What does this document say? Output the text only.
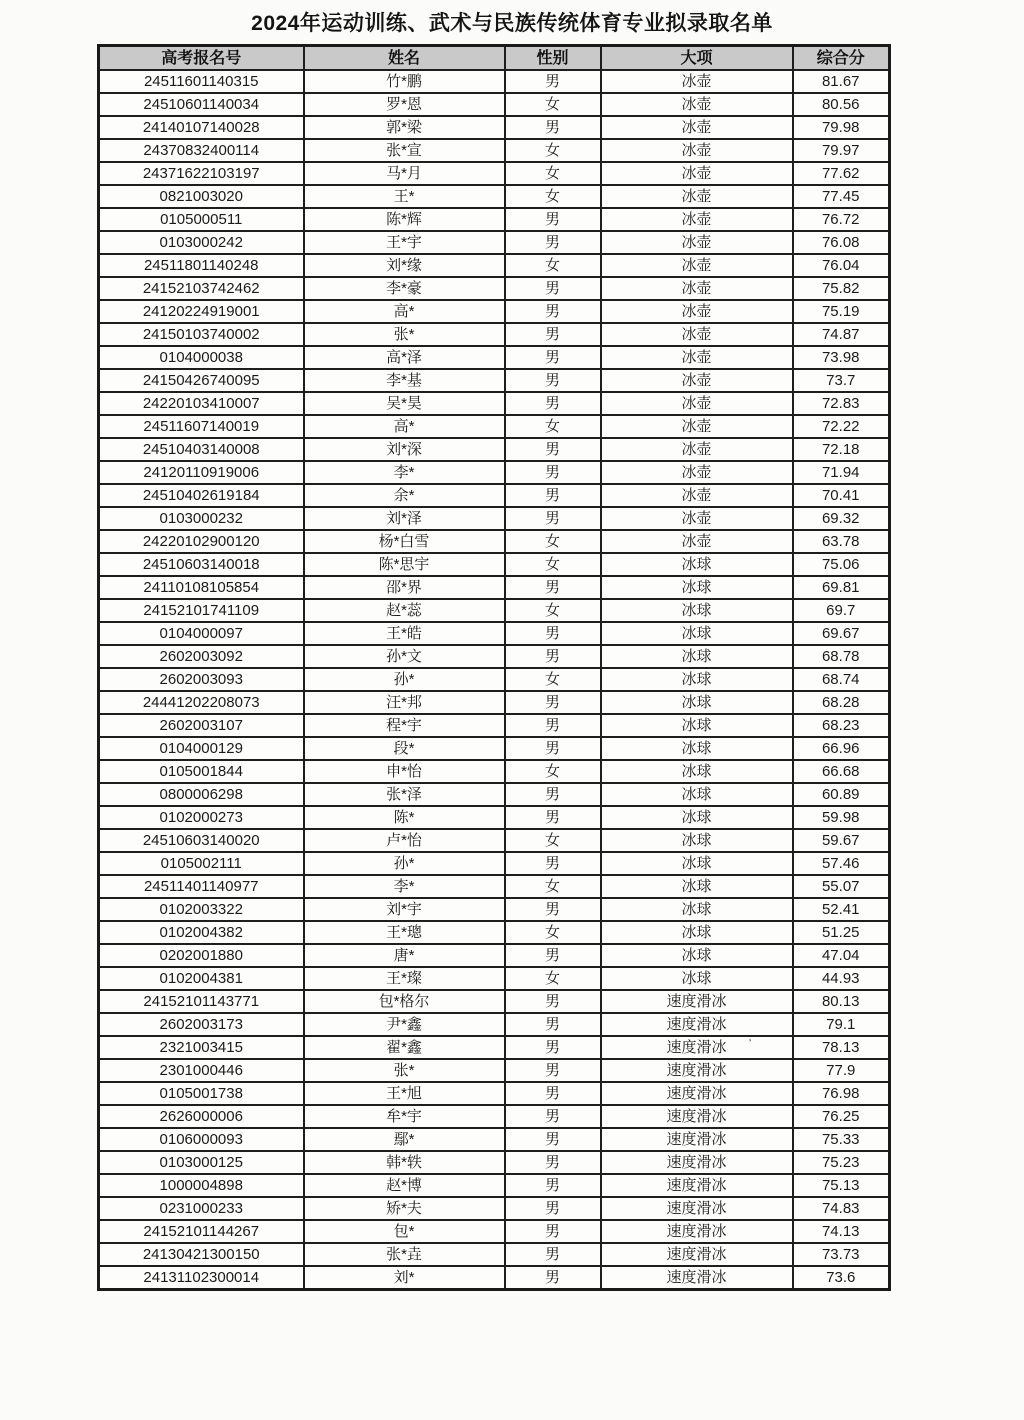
2024年运动训练、武术与民族传统体育专业拟录取名单
高考报名号	姓名	性别	大项	综合分
24511601140315	竹*鹏	男	冰壶	81.67
24510601140034	罗*恩	女	冰壶	80.56
24140107140028	郭*梁	男	冰壶	79.98
24370832400114	张*宣	女	冰壶	79.97
24371622103197	马*月	女	冰壶	77.62
0821003020	王*	女	冰壶	77.45
0105000511	陈*辉	男	冰壶	76.72
0103000242	王*宇	男	冰壶	76.08
24511801140248	刘*缘	女	冰壶	76.04
24152103742462	李*豪	男	冰壶	75.82
24120224919001	高*	男	冰壶	75.19
24150103740002	张*	男	冰壶	74.87
0104000038	高*泽	男	冰壶	73.98
24150426740095	李*基	男	冰壶	73.7
24220103410007	吴*昊	男	冰壶	72.83
24511607140019	高*	女	冰壶	72.22
24510403140008	刘*深	男	冰壶	72.18
24120110919006	李*	男	冰壶	71.94
24510402619184	余*	男	冰壶	70.41
0103000232	刘*泽	男	冰壶	69.32
24220102900120	杨*白雪	女	冰壶	63.78
24510603140018	陈*思宇	女	冰球	75.06
24110108105854	邵*界	男	冰球	69.81
24152101741109	赵*蕊	女	冰球	69.7
0104000097	王*皓	男	冰球	69.67
2602003092	孙*文	男	冰球	68.78
2602003093	孙*	女	冰球	68.74
24441202208073	汪*邦	男	冰球	68.28
2602003107	程*宇	男	冰球	68.23
0104000129	段*	男	冰球	66.96
0105001844	申*怡	女	冰球	66.68
0800006298	张*泽	男	冰球	60.89
0102000273	陈*	男	冰球	59.98
24510603140020	卢*怡	女	冰球	59.67
0105002111	孙*	男	冰球	57.46
24511401140977	李*	女	冰球	55.07
0102003322	刘*宇	男	冰球	52.41
0102004382	王*璁	女	冰球	51.25
0202001880	唐*	男	冰球	47.04
0102004381	王*璨	女	冰球	44.93
24152101143771	包*格尔	男	速度滑冰	80.13
2602003173	尹*鑫	男	速度滑冰	79.1
2321003415	翟*鑫	男	速度滑冰	78.13
2301000446	张*	男	速度滑冰	77.9
0105001738	王*旭	男	速度滑冰	76.98
2626000006	牟*宇	男	速度滑冰	76.25
0106000093	鄢*	男	速度滑冰	75.33
0103000125	韩*轶	男	速度滑冰	75.23
1000004898	赵*博	男	速度滑冰	75.13
0231000233	矫*夫	男	速度滑冰	74.83
24152101144267	包*	男	速度滑冰	74.13
24130421300150	张*垚	男	速度滑冰	73.73
24131102300014	刘*	男	速度滑冰	73.6
¸
